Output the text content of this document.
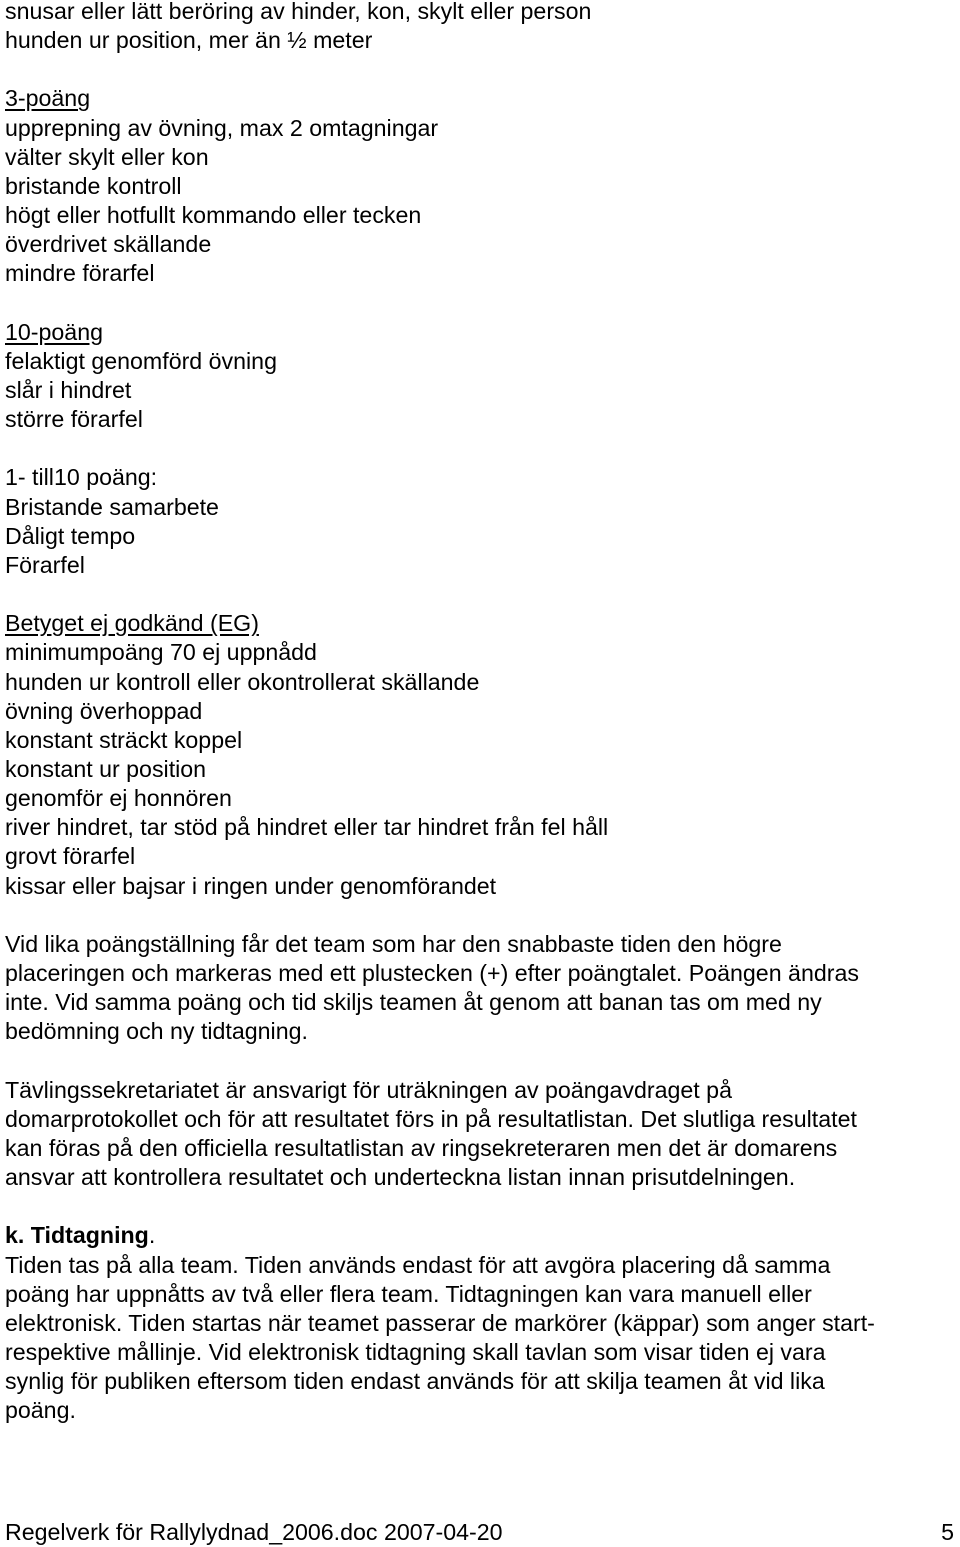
snusar eller lätt beröring av hinder, kon, skylt eller person
hunden ur position, mer än ½ meter
3-poäng
upprepning av övning, max 2 omtagningar
välter skylt eller kon
bristande kontroll
högt eller hotfullt kommando eller tecken
överdrivet skällande
mindre förarfel
10-poäng
felaktigt genomförd övning
slår i hindret
större förarfel
1- till10 poäng:
Bristande samarbete
Dåligt tempo
Förarfel
Betyget ej godkänd (EG)
minimumpoäng 70 ej uppnådd
hunden ur kontroll eller okontrollerat skällande
övning överhoppad
konstant sträckt koppel
konstant ur position
genomför ej honnören
river hindret, tar stöd på hindret eller tar hindret från fel håll
grovt förarfel
kissar eller bajsar i ringen under genomförandet
Vid lika poängställning får det team som har den snabbaste tiden den högre
placeringen och markeras med ett plustecken (+) efter poängtalet. Poängen ändras
inte. Vid samma poäng och tid skiljs teamen åt genom att banan tas om med ny
bedömning och ny tidtagning.
Tävlingssekretariatet är ansvarigt för uträkningen av poängavdraget på
domarprotokollet och för att resultatet förs in på resultatlistan. Det slutliga resultatet
kan föras på den officiella resultatlistan av ringsekreteraren men det är domarens
ansvar att kontrollera resultatet och underteckna listan innan prisutdelningen.
k. Tidtagning.
Tiden tas på alla team. Tiden används endast för att avgöra placering då samma
poäng har uppnåtts av två eller flera team. Tidtagningen kan vara manuell eller
elektronisk. Tiden startas när teamet passerar de markörer (käppar) som anger start-
respektive mållinje. Vid elektronisk tidtagning skall tavlan som visar tiden ej vara
synlig för publiken eftersom tiden endast används för att skilja teamen åt vid lika
poäng.
Regelverk för Rallylydnad_2006.doc 2007-04-20	5
